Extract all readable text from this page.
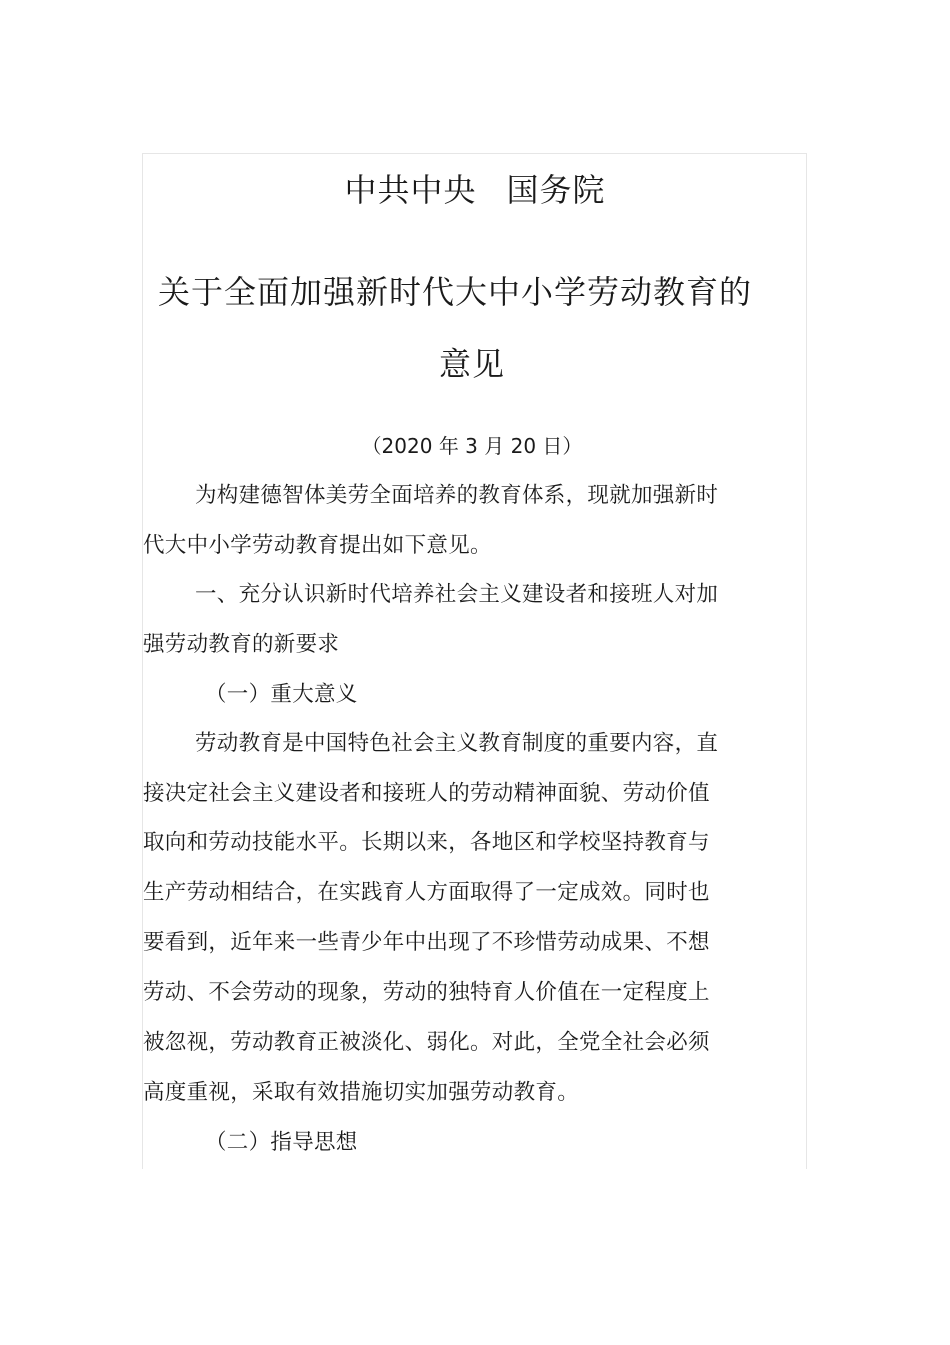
中共中央 国务院

关于全面加强新时代大中小学劳动教育的

意见

（2020 年 3 月 20 日）

为构建德智体美劳全面培养的教育体系，现就加强新时

代大中小学劳动教育提出如下意见。

一、充分认识新时代培养社会主义建设者和接班人对加

强劳动教育的新要求

（一）重大意义

劳动教育是中国特色社会主义教育制度的重要内容，直

接决定社会主义建设者和接班人的劳动精神面貌、劳动价值

取向和劳动技能水平。长期以来，各地区和学校坚持教育与

生产劳动相结合，在实践育人方面取得了一定成效。同时也

要看到，近年来一些青少年中出现了不珍惜劳动成果、不想

劳动、不会劳动的现象，劳动的独特育人价值在一定程度上

被忽视，劳动教育正被淡化、弱化。对此，全党全社会必须

高度重视，采取有效措施切实加强劳动教育。

（二）指导思想
